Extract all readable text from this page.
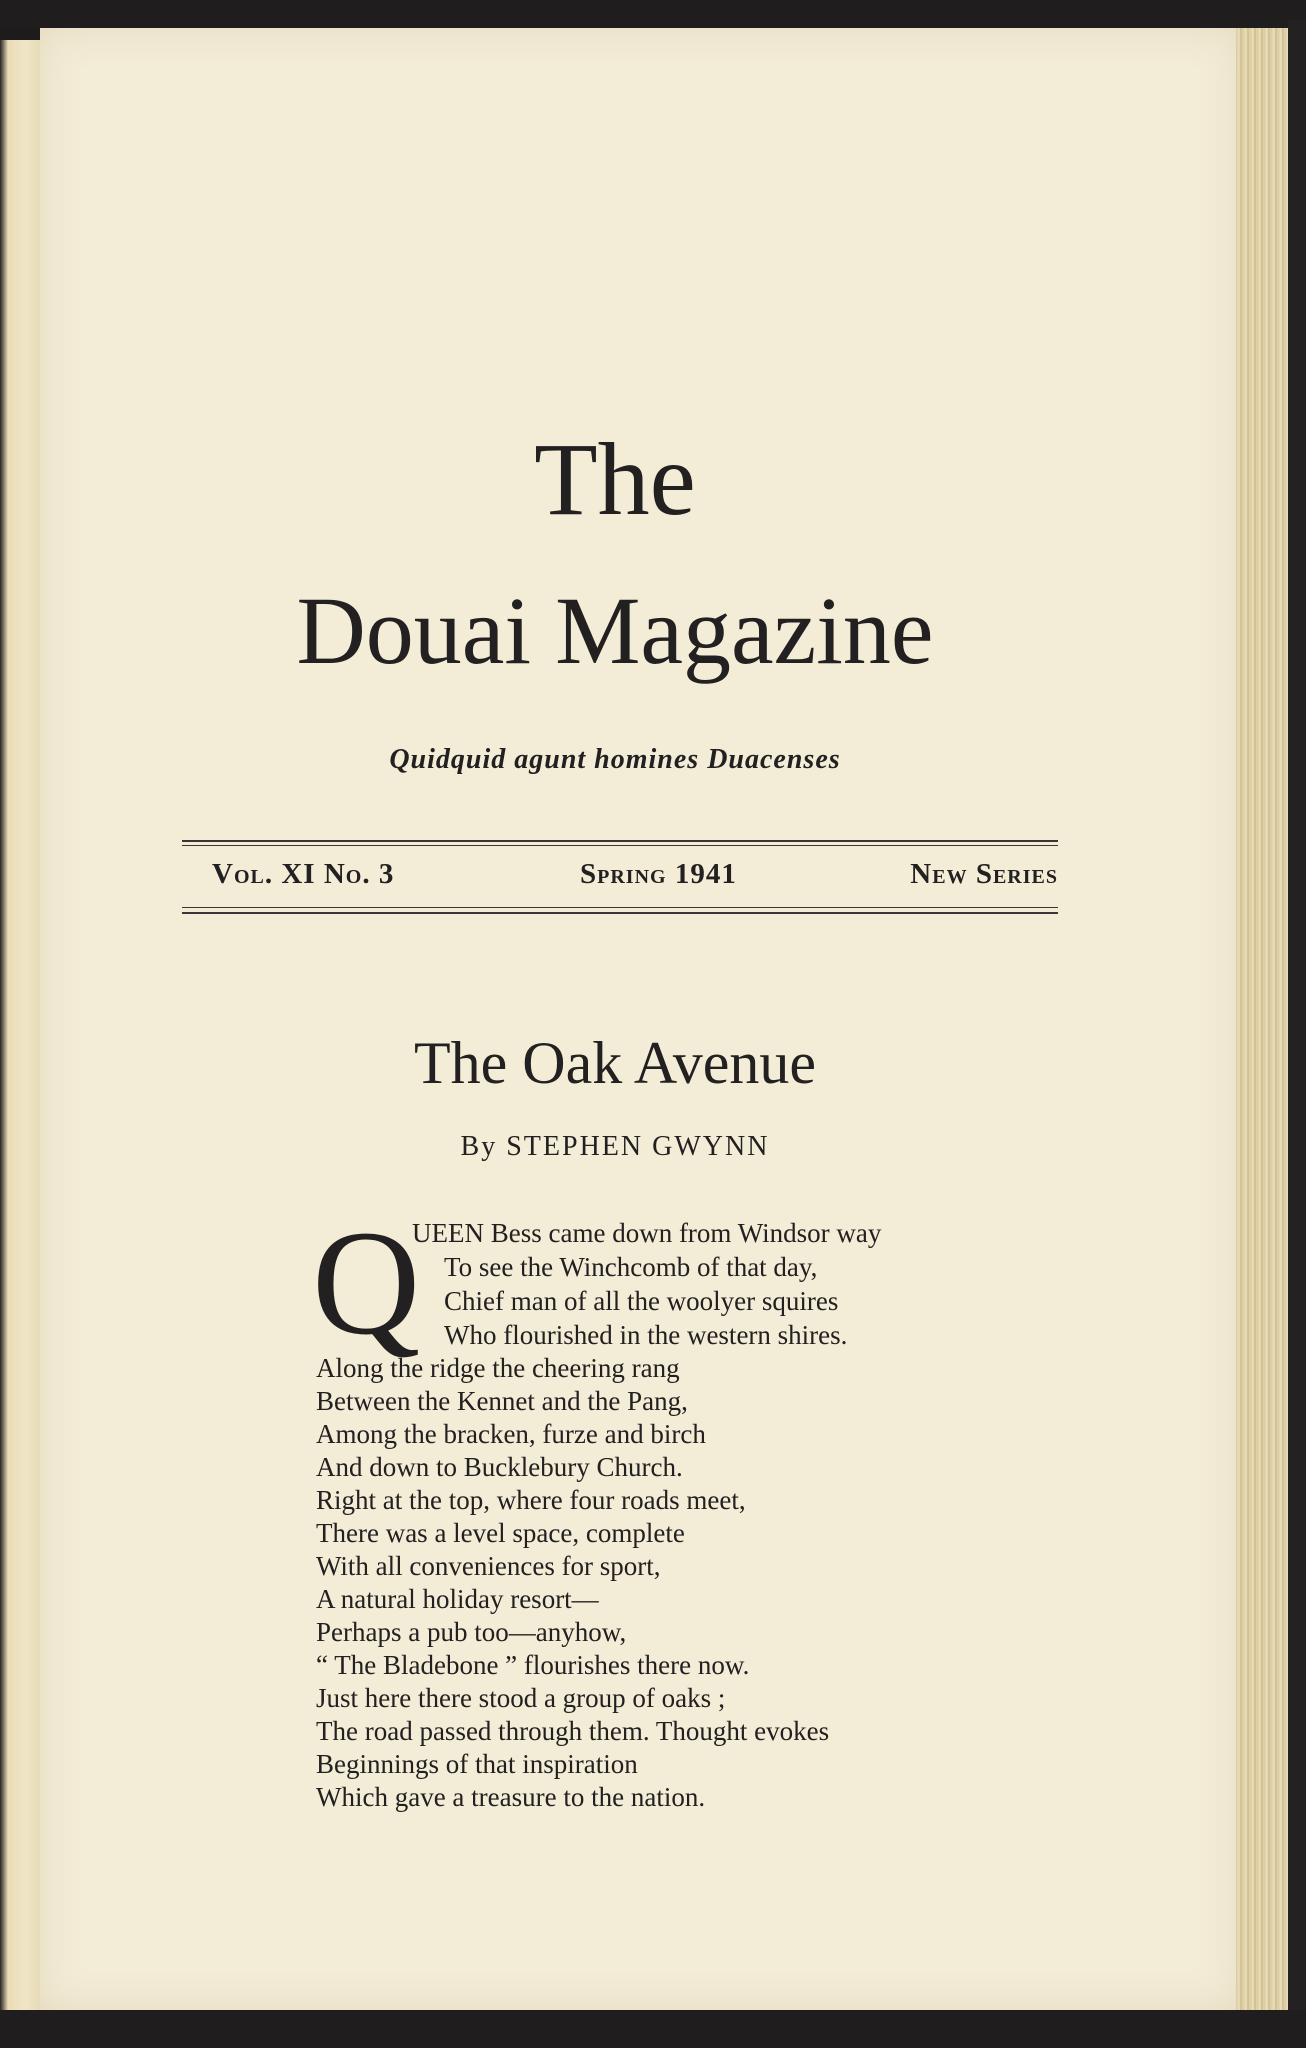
The
Douai Magazine
Quidquid agunt homines Duacenses
Vol. XI No. 3	Spring 1941	New Series
The Oak Avenue
By STEPHEN GWYNN
Q
UEEN Bess came down from Windsor way
To see the Winchcomb of that day,
Chief man of all the woolyer squires
Who flourished in the western shires.
Along the ridge the cheering rang
Between the Kennet and the Pang,
Among the bracken, furze and birch
And down to Bucklebury Church.
Right at the top, where four roads meet,
There was a level space, complete
With all conveniences for sport,
A natural holiday resort—
Perhaps a pub too—anyhow,
“ The Bladebone ” flourishes there now.
Just here there stood a group of oaks ;
The road passed through them. Thought evokes
Beginnings of that inspiration
Which gave a treasure to the nation.
